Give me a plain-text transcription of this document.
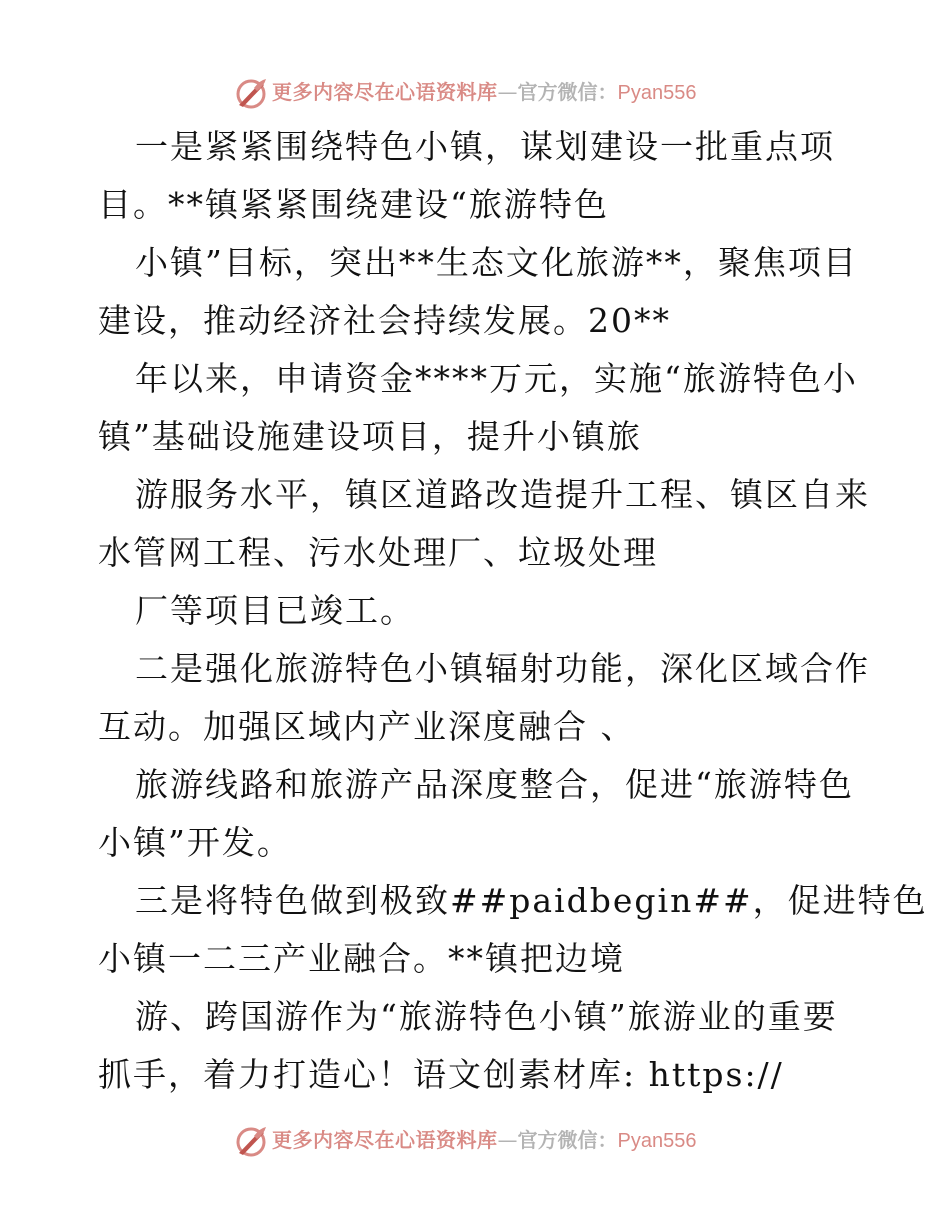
更多内容尽在心语资料库—官方微信：Pyan556
一是紧紧围绕特色小镇，谋划建设一批重点项
目。**镇紧紧围绕建设“旅游特色
小镇”目标，突出**生态文化旅游**，聚焦项目
建设，推动经济社会持续发展。20**
年以来，申请资金****万元，实施“旅游特色小
镇”基础设施建设项目，提升小镇旅
游服务水平，镇区道路改造提升工程、镇区自来
水管网工程、污水处理厂、垃圾处理
厂等项目已竣工。
二是强化旅游特色小镇辐射功能，深化区域合作
互动。加强区域内产业深度融合 、
旅游线路和旅游产品深度整合，促进“旅游特色
小镇”开发。
三是将特色做到极致##paidbegin##，促进特色
小镇一二三产业融合。**镇把边境
游、跨国游作为“旅游特色小镇”旅游业的重要
抓手，着力打造心！语文创素材库: https://
更多内容尽在心语资料库—官方微信：Pyan556
